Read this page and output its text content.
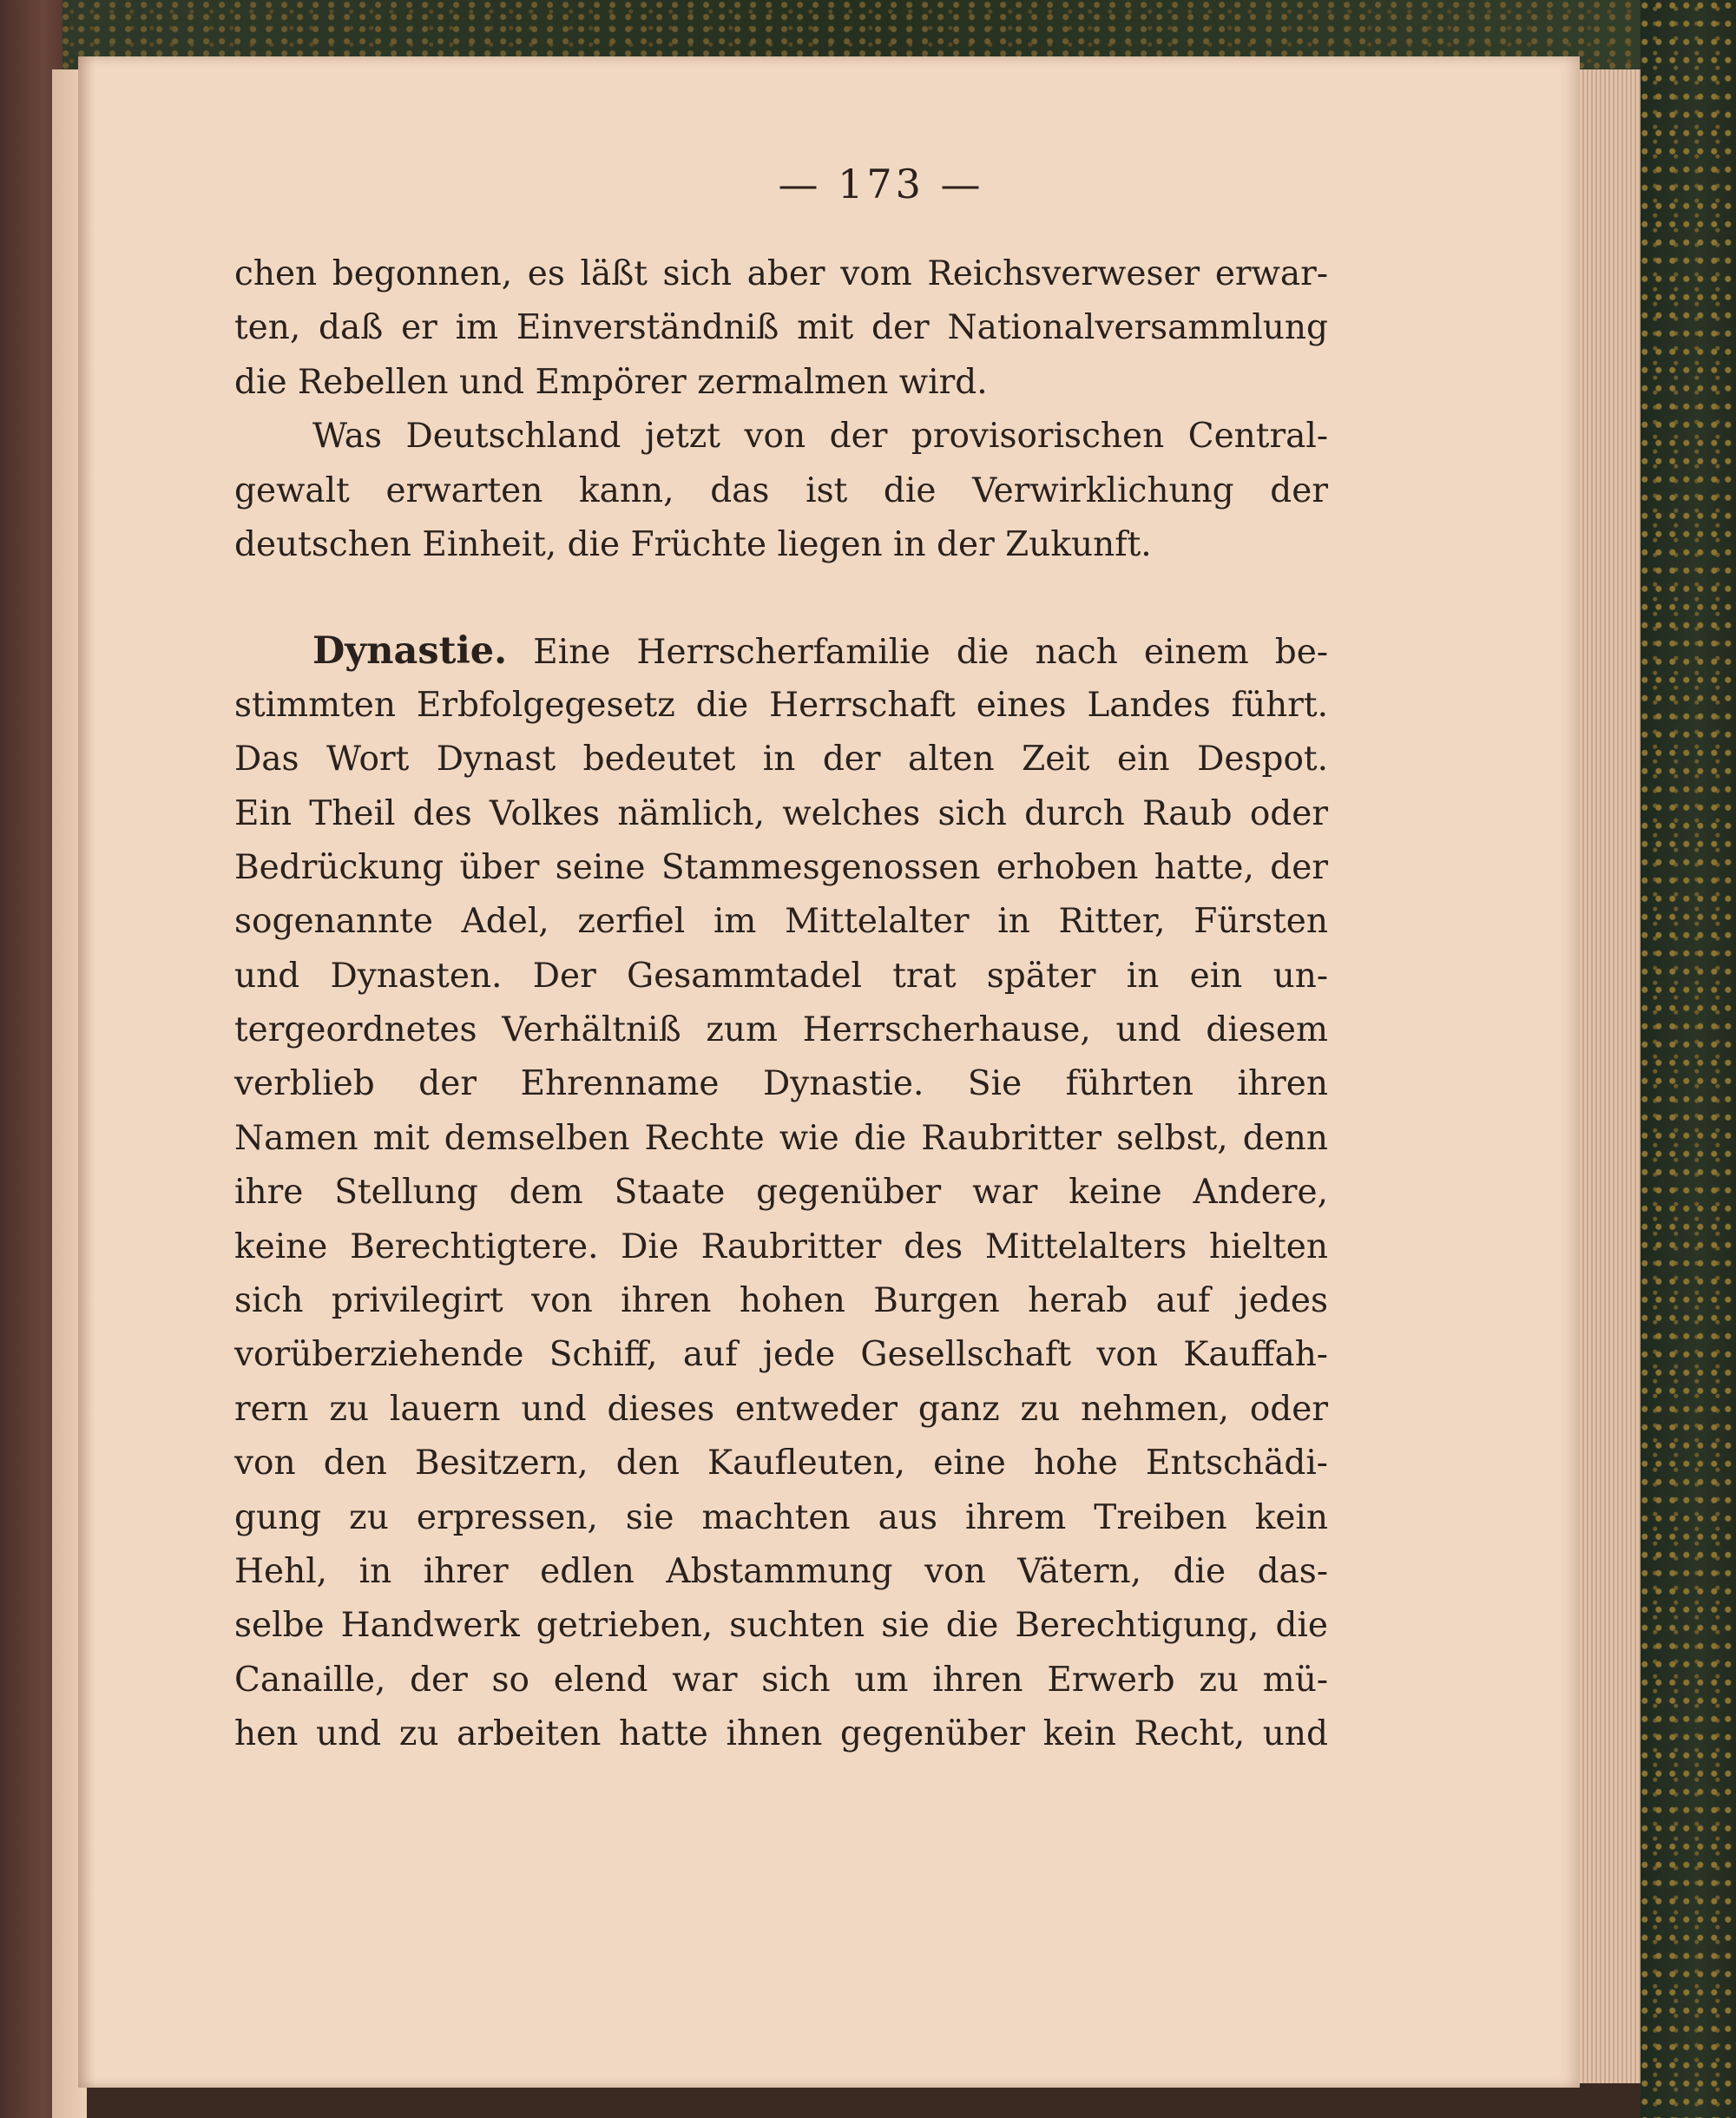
— 173 —
chen begonnen, es läßt sich aber vom Reichsverweser erwar-
ten, daß er im Einverständniß mit der Nationalversammlung
die Rebellen und Empörer zermalmen wird.
Was Deutschland jetzt von der provisorischen Central-
gewalt erwarten kann, das ist die Verwirklichung der
deutschen Einheit, die Früchte liegen in der Zukunft.
Dynastie. Eine Herrscherfamilie die nach einem be-
stimmten Erbfolgegesetz die Herrschaft eines Landes führt.
Das Wort Dynast bedeutet in der alten Zeit ein Despot.
Ein Theil des Volkes nämlich, welches sich durch Raub oder
Bedrückung über seine Stammesgenossen erhoben hatte, der
sogenannte Adel, zerfiel im Mittelalter in Ritter, Fürsten
und Dynasten. Der Gesammtadel trat später in ein un-
tergeordnetes Verhältniß zum Herrscherhause, und diesem
verblieb der Ehrenname Dynastie. Sie führten ihren
Namen mit demselben Rechte wie die Raubritter selbst, denn
ihre Stellung dem Staate gegenüber war keine Andere,
keine Berechtigtere. Die Raubritter des Mittelalters hielten
sich privilegirt von ihren hohen Burgen herab auf jedes
vorüberziehende Schiff, auf jede Gesellschaft von Kauffah-
rern zu lauern und dieses entweder ganz zu nehmen, oder
von den Besitzern, den Kaufleuten, eine hohe Entschädi-
gung zu erpressen, sie machten aus ihrem Treiben kein
Hehl, in ihrer edlen Abstammung von Vätern, die das-
selbe Handwerk getrieben, suchten sie die Berechtigung, die
Canaille, der so elend war sich um ihren Erwerb zu mü-
hen und zu arbeiten hatte ihnen gegenüber kein Recht, und
